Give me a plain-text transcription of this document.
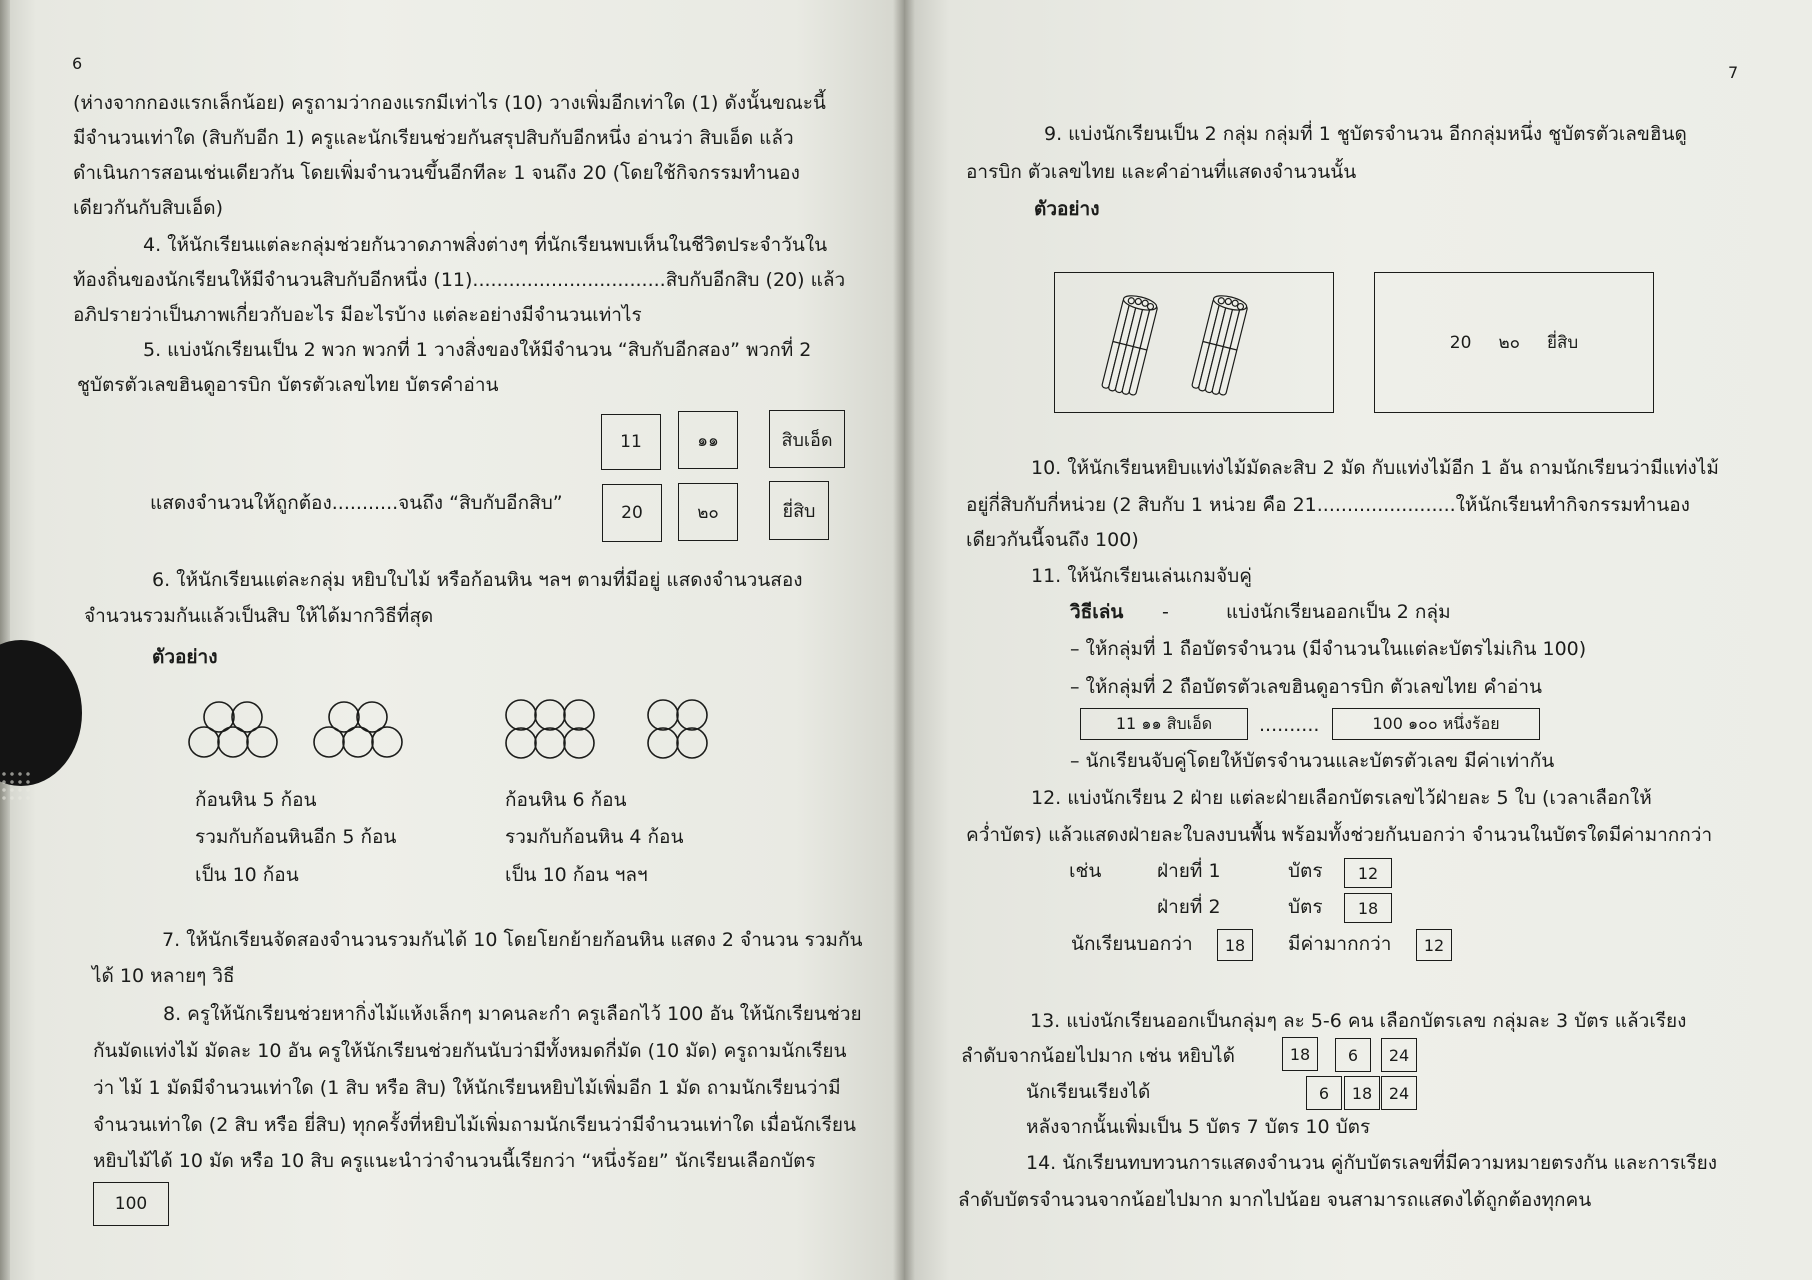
6
(ห่างจากกองแรกเล็กน้อย) ครูถามว่ากองแรกมีเท่าไร (10) วางเพิ่มอีกเท่าใด (1) ดังนั้นขณะนี้
มีจำนวนเท่าใด (สิบกับอีก 1) ครูและนักเรียนช่วยกันสรุปสิบกับอีกหนึ่ง อ่านว่า สิบเอ็ด แล้ว
ดำเนินการสอนเช่นเดียวกัน โดยเพิ่มจำนวนขึ้นอีกทีละ 1 จนถึง 20 (โดยใช้กิจกรรมทำนอง
เดียวกันกับสิบเอ็ด)
4. ให้นักเรียนแต่ละกลุ่มช่วยกันวาดภาพสิ่งต่างๆ ที่นักเรียนพบเห็นในชีวิตประจำวันใน
ท้องถิ่นของนักเรียนให้มีจำนวนสิบกับอีกหนึ่ง (11)................................สิบกับอีกสิบ (20) แล้ว
อภิปรายว่าเป็นภาพเกี่ยวกับอะไร มีอะไรบ้าง แต่ละอย่างมีจำนวนเท่าไร
5. แบ่งนักเรียนเป็น 2 พวก พวกที่ 1 วางสิ่งของให้มีจำนวน “สิบกับอีกสอง” พวกที่ 2
ชูบัตรตัวเลขฮินดูอารบิก บัตรตัวเลขไทย บัตรคำอ่าน
11	๑๑	สิบเอ็ด
แสดงจำนวนให้ถูกต้อง...........จนถึง “สิบกับอีกสิบ”	20	๒๐	ยี่สิบ
6. ให้นักเรียนแต่ละกลุ่ม หยิบใบไม้ หรือก้อนหิน ฯลฯ ตามที่มีอยู่ แสดงจำนวนสอง
จำนวนรวมกันแล้วเป็นสิบ ให้ได้มากวิธีที่สุด
ตัวอย่าง
ก้อนหิน 5 ก้อน
รวมกับก้อนหินอีก 5 ก้อน
เป็น 10 ก้อน
ก้อนหิน 6 ก้อน
รวมกับก้อนหิน 4 ก้อน
เป็น 10 ก้อน ฯลฯ
7. ให้นักเรียนจัดสองจำนวนรวมกันได้ 10 โดยโยกย้ายก้อนหิน แสดง 2 จำนวน รวมกัน
ได้ 10 หลายๆ วิธี
8. ครูให้นักเรียนช่วยหากิ่งไม้แห้งเล็กๆ มาคนละกำ ครูเลือกไว้ 100 อัน ให้นักเรียนช่วย
กันมัดแท่งไม้ มัดละ 10 อัน ครูให้นักเรียนช่วยกันนับว่ามีทั้งหมดกี่มัด (10 มัด) ครูถามนักเรียน
ว่า ไม้ 1 มัดมีจำนวนเท่าใด (1 สิบ หรือ สิบ) ให้นักเรียนหยิบไม้เพิ่มอีก 1 มัด ถามนักเรียนว่ามี
จำนวนเท่าใด (2 สิบ หรือ ยี่สิบ) ทุกครั้งที่หยิบไม้เพิ่มถามนักเรียนว่ามีจำนวนเท่าใด เมื่อนักเรียน
หยิบไม้ได้ 10 มัด หรือ 10 สิบ ครูแนะนำว่าจำนวนนี้เรียกว่า “หนึ่งร้อย” นักเรียนเลือกบัตร
100
7
9. แบ่งนักเรียนเป็น 2 กลุ่ม กลุ่มที่ 1 ชูบัตรจำนวน อีกกลุ่มหนึ่ง ชูบัตรตัวเลขฮินดู
อารบิก ตัวเลขไทย และคำอ่านที่แสดงจำนวนนั้น
ตัวอย่าง
20     ๒๐     ยี่สิบ
10. ให้นักเรียนหยิบแท่งไม้มัดละสิบ 2 มัด กับแท่งไม้อีก 1 อัน ถามนักเรียนว่ามีแท่งไม้
อยู่กี่สิบกับกี่หน่วย (2 สิบกับ 1 หน่วย คือ 21.......................ให้นักเรียนทำกิจกรรมทำนอง
เดียวกันนี้จนถึง 100)
11. ให้นักเรียนเล่นเกมจับคู่
วิธีเล่น -	แบ่งนักเรียนออกเป็น 2 กลุ่ม
– ให้กลุ่มที่ 1 ถือบัตรจำนวน (มีจำนวนในแต่ละบัตรไม่เกิน 100)
– ให้กลุ่มที่ 2 ถือบัตรตัวเลขฮินดูอารบิก ตัวเลขไทย คำอ่าน
11 ๑๑ สิบเอ็ด	..........	100 ๑๐๐ หนึ่งร้อย
– นักเรียนจับคู่โดยให้บัตรจำนวนและบัตรตัวเลข มีค่าเท่ากัน
12. แบ่งนักเรียน 2 ฝ่าย แต่ละฝ่ายเลือกบัตรเลขไว้ฝ่ายละ 5 ใบ (เวลาเลือกให้
คว่ำบัตร) แล้วแสดงฝ่ายละใบลงบนพื้น พร้อมทั้งช่วยกันบอกว่า จำนวนในบัตรใดมีค่ามากกว่า
เช่น	ฝ่ายที่ 1	บัตร	12
ฝ่ายที่ 2	บัตร	18
นักเรียนบอกว่า	18	มีค่ามากกว่า	12
13. แบ่งนักเรียนออกเป็นกลุ่มๆ ละ 5-6 คน เลือกบัตรเลข กลุ่มละ 3 บัตร แล้วเรียง
ลำดับจากน้อยไปมาก เช่น หยิบได้	18	6	24
นักเรียนเรียงได้	6	18	24
หลังจากนั้นเพิ่มเป็น 5 บัตร 7 บัตร 10 บัตร
14. นักเรียนทบทวนการแสดงจำนวน คู่กับบัตรเลขที่มีความหมายตรงกัน และการเรียง
ลำดับบัตรจำนวนจากน้อยไปมาก มากไปน้อย จนสามารถแสดงได้ถูกต้องทุกคน
